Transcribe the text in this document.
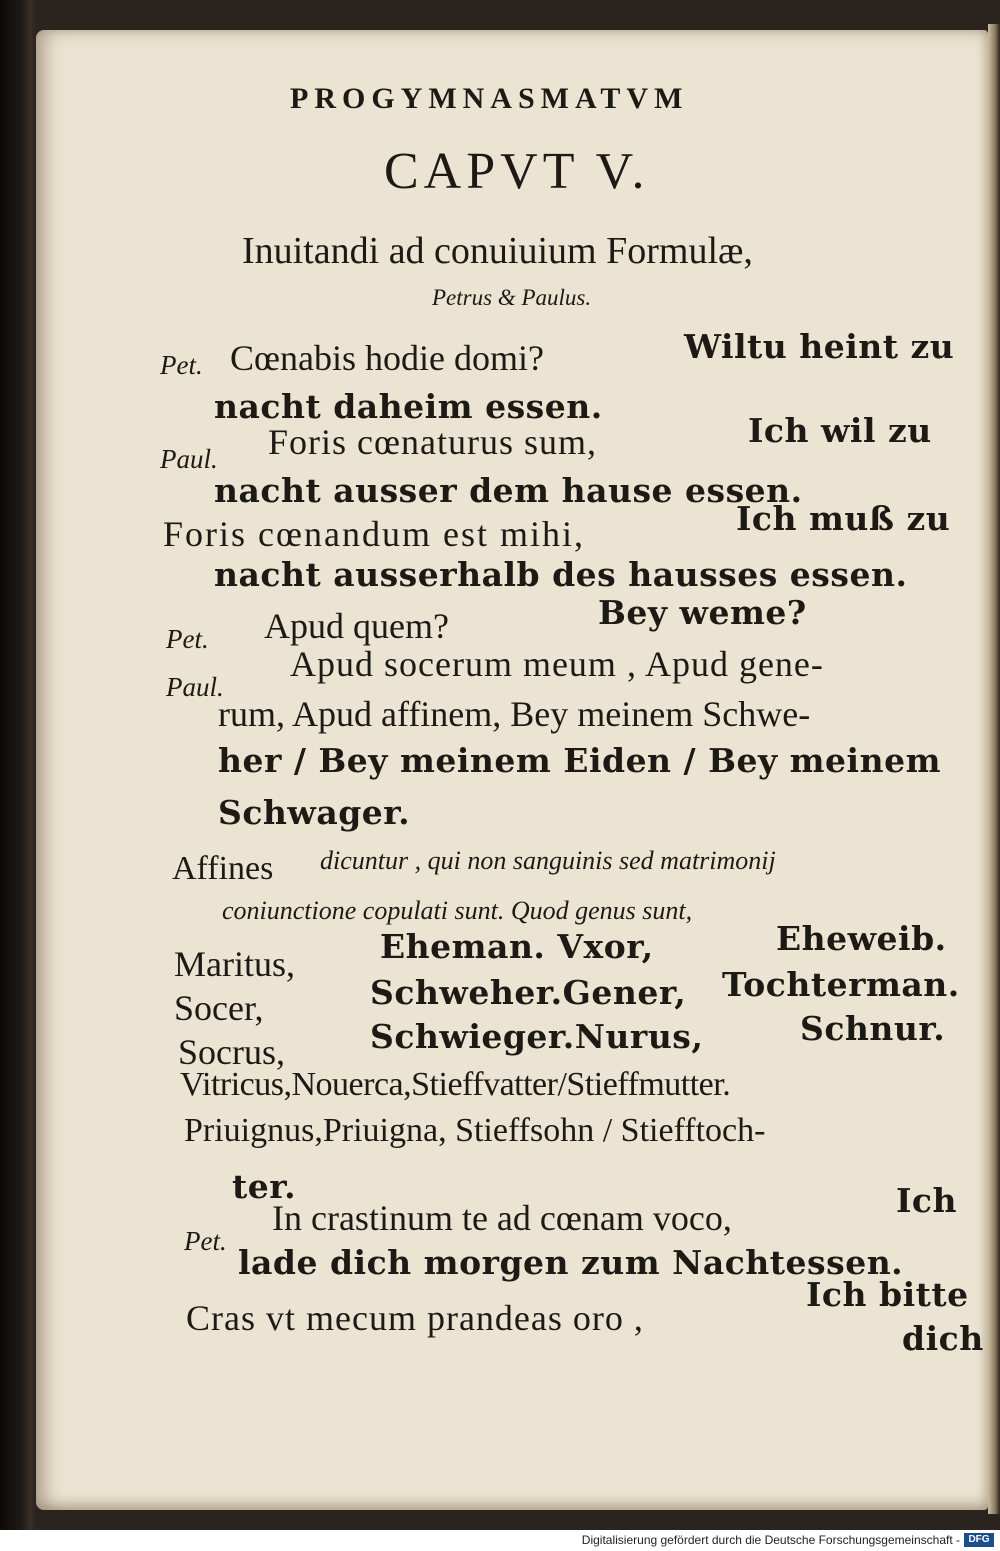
PROGYMNASMATVM
CAPVT V.
Inuitandi ad conuiuium Formulæ,
Petrus & Paulus.
Pet. Cœnabis hodie domi?	Wiltu heint zu
nacht daheim essen.
Paul. Foris cœnaturus sum,	Ich wil zu
nacht ausser dem hause essen.
Foris cœnandum est mihi,	Ich muß zu
nacht ausserhalb des hausses essen.
Pet. Apud quem?	Bey weme?
Paul.
Apud socerum meum , Apud gene-
rum, Apud affinem, Bey meinem Schwe-
her / Bey meinem Eiden / Bey meinem
Schwager.
Affines dicuntur , qui non sanguinis sed matrimonij
coniunctione copulati sunt. Quod genus sunt,
Maritus,	Eheman. Vxor,	Eheweib.
Socer,	Schweher.Gener, Tochterman.
Socrus,	Schwieger.Nurus,	Schnur.
Vitricus,Nouerca,Stieffvatter/Stieffmutter.
Priuignus,Priuigna, Stieffsohn / Stiefftoch-
ter.
Pet.
In crastinum te ad cœnam voco,	Ich
lade dich morgen zum Nachtessen.
Cras vt mecum prandeas oro ,
Ich bitte
dich
Digitalisierung gefördert durch die Deutsche Forschungsgemeinschaft - DFG
